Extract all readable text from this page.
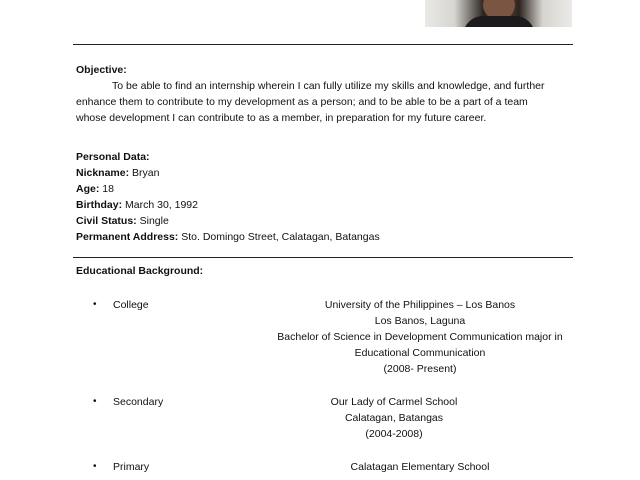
Objective:
To be able to find an internship wherein I can fully utilize my skills and knowledge, and further
enhance them to contribute to my development as a person; and to be able to be a part of a team
whose development I can contribute to as a member, in preparation for my future career.
Personal Data:
Nickname: Bryan
Age: 18
Birthday: March 30, 1992
Civil Status: Single
Permanent Address: Sto. Domingo Street, Calatagan, Batangas
Educational Background:
• College	University of the Philippines – Los Banos
Los Banos, Laguna
Bachelor of Science in Development Communication major in
Educational Communication
(2008- Present)
• Secondary	Our Lady of Carmel School
Calatagan, Batangas
(2004-2008)
• Primary	Calatagan Elementary School
